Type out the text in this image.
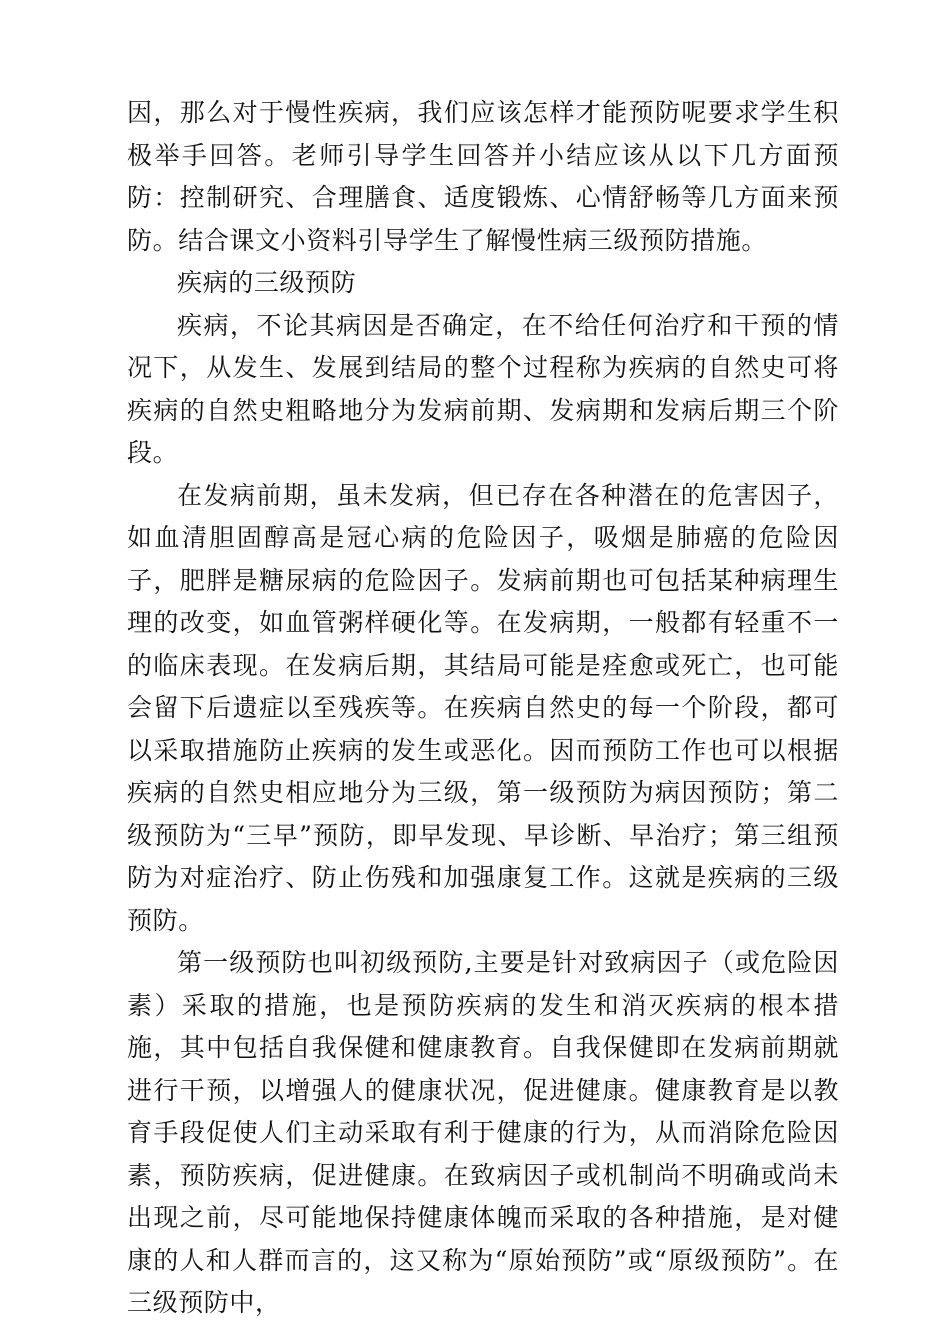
因，那么对于慢性疾病，我们应该怎样才能预防呢要求学生积极举手回答。老师引导学生回答并小结应该从以下几方面预防：控制研究、合理膳食、适度锻炼、心情舒畅等几方面来预防。结合课文小资料引导学生了解慢性病三级预防措施。

疾病的三级预防

疾病，不论其病因是否确定，在不给任何治疗和干预的情况下，从发生、发展到结局的整个过程称为疾病的自然史可将疾病的自然史粗略地分为发病前期、发病期和发病后期三个阶段。

在发病前期，虽未发病，但已存在各种潜在的危害因子，如血清胆固醇高是冠心病的危险因子，吸烟是肺癌的危险因子，肥胖是糖尿病的危险因子。发病前期也可包括某种病理生理的改变，如血管粥样硬化等。在发病期，一般都有轻重不一的临床表现。在发病后期，其结局可能是痊愈或死亡，也可能会留下后遗症以至残疾等。在疾病自然史的每一个阶段，都可以采取措施防止疾病的发生或恶化。因而预防工作也可以根据疾病的自然史相应地分为三级，第一级预防为病因预防；第二级预防为“三早”预防，即早发现、早诊断、早治疗；第三组预防为对症治疗、防止伤残和加强康复工作。这就是疾病的三级预防。

第一级预防也叫初级预防,主要是针对致病因子（或危险因素）采取的措施，也是预防疾病的发生和消灭疾病的根本措施，其中包括自我保健和健康教育。自我保健即在发病前期就进行干预，以增强人的健康状况，促进健康。健康教育是以教育手段促使人们主动采取有利于健康的行为，从而消除危险因素，预防疾病，促进健康。在致病因子或机制尚不明确或尚未出现之前，尽可能地保持健康体魄而采取的各种措施，是对健康的人和人群而言的，这又称为“原始预防”或“原级预防”。在三级预防中，
